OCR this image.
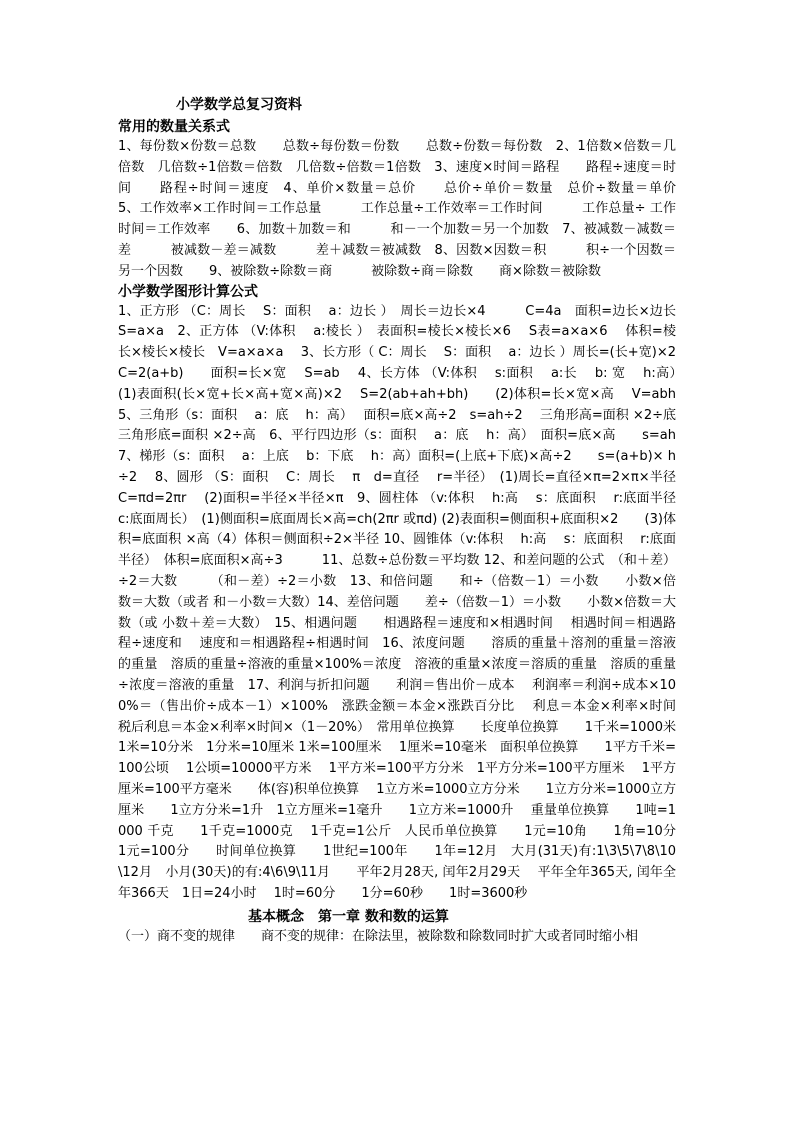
小学数学总复习资料

常用的数量关系式

1、每份数×份数＝总数　　总数÷每份数＝份数　　总数÷份数＝每份数　2、1倍数×倍数＝几倍数　几倍数÷1倍数＝倍数　几倍数÷倍数＝1倍数　3、速度×时间＝路程　　路程÷速度＝时间　　路程÷时间＝速度　4、单价×数量＝总价　　总价÷单价＝数量　总价÷数量＝单价　　5、工作效率×工作时间＝工作总量　　　工作总量÷工作效率＝工作时间　　　工作总量÷ 工作时间＝工作效率　　6、加数＋加数＝和　　　和－一个加数＝另一个加数　7、被减数－减数＝差　　　被减数－差＝减数　　　差＋减数＝被减数　8、因数×因数＝积　　　积÷一个因数＝另一个因数　　9、被除数÷除数＝商　　　被除数÷商＝除数　　商×除数＝被除数

小学数学图形计算公式

1、正方形 （C：周长　 S：面积　 a：边长 ）　周长＝边长×4　　　C=4a　面积=边长×边长　 S=a×a　2、正方体 （V:体积　 a:棱长 ）　表面积=棱长×棱长×6　 S表=a×a×6　 体积=棱长×棱长×棱长　V=a×a×a　 3、长方形（ C：周长　 S：面积　 a：边长 ）周长=(长+宽)×2　 C=2(a+b)　　面积=长×宽　 S=ab　 4、长方体 （V:体积　 s:面积　 a:长　 b: 宽　 h:高）　(1)表面积(长×宽+长×高+宽×高)×2　 S=2(ab+ah+bh)　　(2)体积=长×宽×高　 V=abh　 5、三角形（s：面积　 a：底　 h：高）　 面积=底×高÷2　s=ah÷2　 三角形高=面积 ×2÷底　 三角形底=面积 ×2÷高　6、平行四边形（s：面积　 a：底　 h：高）　面积=底×高　　s=ah　 7、梯形（s：面积　 a：上底　 b：下底　 h：高）面积=(上底+下底)×高÷2　　s=(a+b)× h÷2　 8、圆形 （S：面积　 C：周长　 π　d=直径　 r=半径）　(1)周长=直径×π=2×π×半径　　C=πd=2πr　 (2)面积=半径×半径×π　9、圆柱体 （v:体积　 h:高　 s：底面积　 r:底面半径　 c:底面周长）　(1)侧面积=底面周长×高=ch(2πr 或πd) (2)表面积=侧面积+底面积×2　　(3)体积=底面积 ×高（4）体积＝侧面积÷2×半径 10、圆锥体（v:体积　 h:高　 s：底面积　 r:底面半径）　体积=底面积×高÷3　　　11、总数÷总份数＝平均数 12、和差问题的公式　（和＋差）÷2＝大数　　　（和－差）÷2＝小数　13、和倍问题　　和÷（倍数－1）＝小数　　小数×倍数＝大数（或者 和－小数＝大数）14、差倍问题　　差÷（倍数－1）＝小数　　小数×倍数＝大数（或 小数＋差＝大数）　15、相遇问题　　相遇路程＝速度和×相遇时间　 相遇时间＝相遇路程÷速度和　 速度和＝相遇路程÷相遇时间　16、浓度问题　　溶质的重量＋溶剂的重量＝溶液的重量　溶质的重量÷溶液的重量×100%＝浓度　溶液的重量×浓度＝溶质的重量　溶质的重量÷浓度＝溶液的重量　17、利润与折扣问题　　利润＝售出价－成本　 利润率＝利润÷成本×100%＝（售出价÷成本－1）×100%　涨跌金额＝本金×涨跌百分比　 利息＝本金×利率×时间　　税后利息＝本金×利率×时间×（1－20%）　常用单位换算　　长度单位换算　　1千米=1000米 1米=10分米　1分米=10厘米 1米=100厘米　 1厘米=10毫米　面积单位换算　　1平方千米=100公顷　 1公顷=10000平方米　 1平方米=100平方分米　1平方分米=100平方厘米　 1平方厘米=100平方毫米　　体(容)积单位换算　 1立方米=1000立方分米　　1立方分米=1000立方厘米　　1立方分米=1升　1立方厘米=1毫升　　1立方米=1000升　 重量单位换算　　1吨=1000 千克　　1千克=1000克　 1千克=1公斤　人民币单位换算　　1元=10角　　1角=10分　1元=100分　　时间单位换算　　1世纪=100年　　1年=12月　大月(31天)有:1\3\5\7\8\10\12月　小月(30天)的有:4\6\9\11月　　平年2月28天, 闰年2月29天　 平年全年365天, 闰年全年366天　1日=24小时　 1时=60分　　1分=60秒　　1时=3600秒

基本概念　第一章 数和数的运算

（一）商不变的规律　　商不变的规律：在除法里，被除数和除数同时扩大或者同时缩小相
